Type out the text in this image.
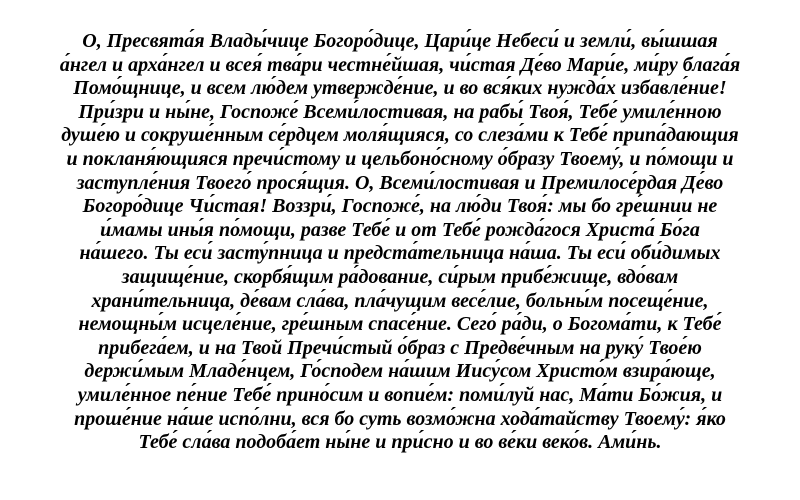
О, Пресвята́я Влады́чице Богоро́дице, Цари́це Небеси́ и земли́, вы́шшая
а́нгел и арха́нгел и всея́ тва́ри честне́йшая, чи́стая Де́во Мари́е, ми́ру блага́я
Помо́щнице, и всем лю́дем утвержде́ние, и во вся́ких нужда́х избавле́ние!
При́зри и ны́не, Госпоже́ Всеми́лостивая, на рабы́ Твоя́, Тебе́ умиле́нною
душе́ю и сокруше́нным се́рдцем моля́щияся, со слеза́ми к Тебе́ припа́дающия
и покланя́ющияся пречи́стому и цельбоно́сному о́бразу Твоему́, и по́мощи и
заступле́ния Твоего́ прося́щия. О, Всеми́лостивая и Премилосе́рдая Де́во
Богоро́дице Чи́стая! Воззри́, Госпоже́, на лю́ди Твоя́: мы бо гре́шнии не
и́мамы ины́я по́мощи, разве Тебе́ и от Тебе́ рожда́гося Христа́ Бо́га
на́шего. Ты еси́ засту́пница и предста́тельница на́ша. Ты еси́ оби́димых
защище́ние, скорбя́щим ра́дование, си́рым прибе́жище, вдо́вам
храни́тельница, де́вам сла́ва, пла́чущим весе́лие, больны́м посеще́ние,
немощны́м исцеле́ние, гре́шным спасе́ние. Сего́ ра́ди, о Богома́ти, к Тебе́
прибега́ем, и на Твой Пречи́стый о́браз с Предве́чным на руку́ Твое́ю
держи́мым Младе́нцем, Го́сподем на́шим Иису́сом Христо́м взира́юще,
умиле́нное пе́ние Тебе́ прино́сим и вопие́м: поми́луй нас, Ма́ти Бо́жия, и
проше́ние на́ше испо́лни, вся бо суть возмо́жна хода́тайству Твоему́: я́ко
Тебе́ сла́ва подоба́ет ны́не и при́сно и во ве́ки веко́в. Ами́нь.
